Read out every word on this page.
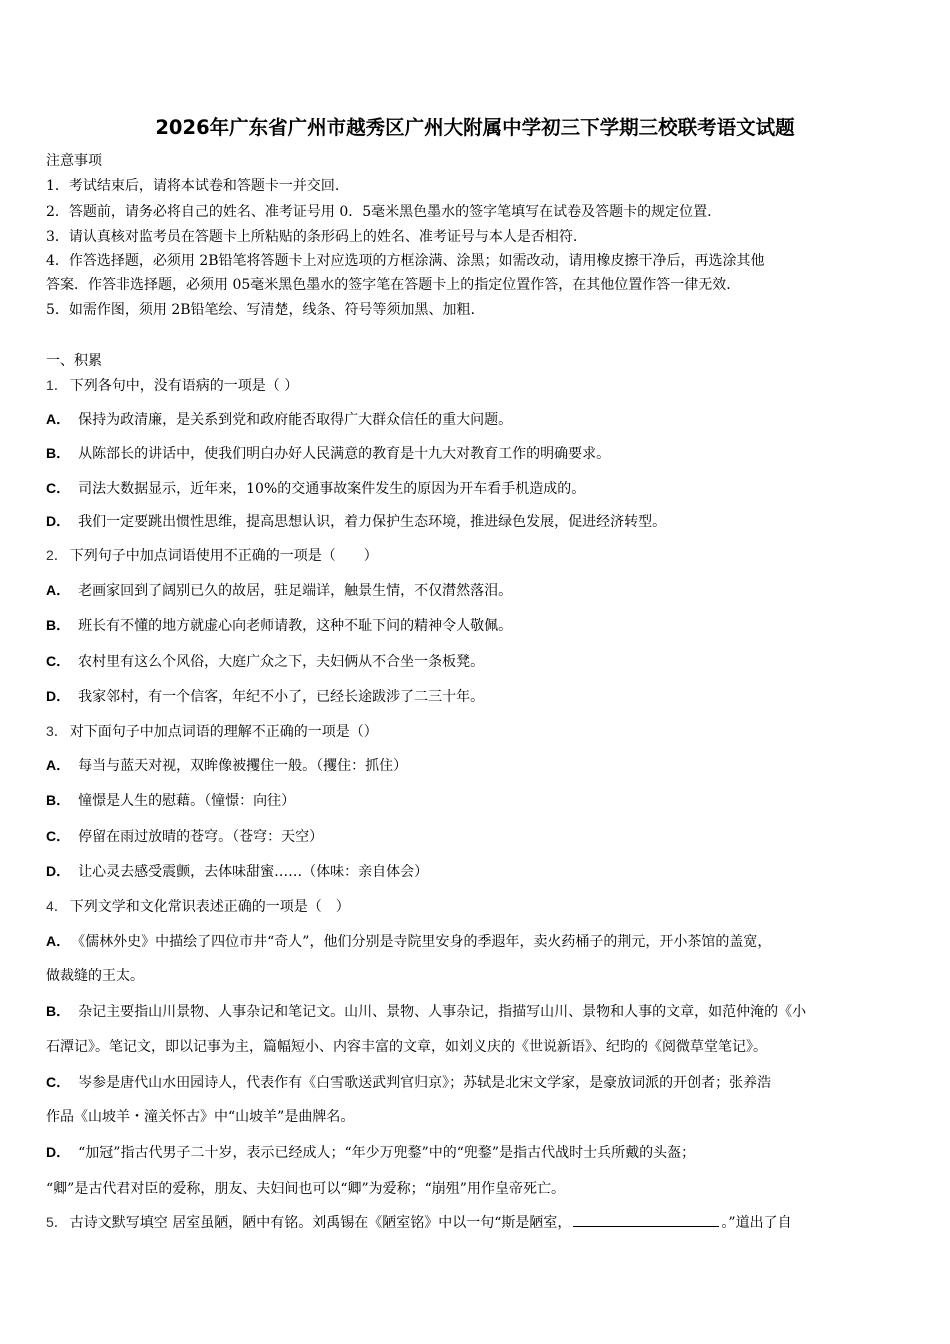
2026年广东省广州市越秀区广州大附属中学初三下学期三校联考语文试题
注意事项
1．考试结束后，请将本试卷和答题卡一并交回.
2．答题前，请务必将自己的姓名、准考证号用 0．5毫米黑色墨水的签字笔填写在试卷及答题卡的规定位置.
3．请认真核对监考员在答题卡上所粘贴的条形码上的姓名、准考证号与本人是否相符.
4．作答选择题，必须用 2B铅笔将答题卡上对应选项的方框涂满、涂黑；如需改动，请用橡皮擦干净后，再选涂其他
答案．作答非选择题，必须用 05毫米黑色墨水的签字笔在答题卡上的指定位置作答，在其他位置作答一律无效.
5．如需作图，须用 2B铅笔绘、写清楚，线条、符号等须加黑、加粗.
一、积累
1． 下列各句中，没有语病的一项是（ ）
A． 保持为政清廉，是关系到党和政府能否取得广大群众信任的重大问题。
B． 从陈部长的讲话中，使我们明白办好人民满意的教育是十九大对教育工作的明确要求。
C． 司法大数据显示，近年来，10%的交通事故案件发生的原因为开车看手机造成的。
D． 我们一定要跳出惯性思维，提高思想认识，着力保护生态环境，推进绿色发展，促进经济转型。
2． 下列句子中加点词语使用不正确的一项是（　　）
A． 老画家回到了阔别已久的故居，驻足端详，触景生情，不仅潸然落泪。
B． 班长有不懂的地方就虚心向老师请教，这种不耻下问的精神令人敬佩。
C． 农村里有这么个风俗，大庭广众之下，夫妇俩从不合坐一条板凳。
D． 我家邻村，有一个信客，年纪不小了，已经长途跋涉了二三十年。
3． 对下面句子中加点词语的理解不正确的一项是（）
A． 每当与蓝天对视，双眸像被攫住一般。（攫住：抓住）
B． 憧憬是人生的慰藉。（憧憬：向往）
C． 停留在雨过放晴的苍穹。（苍穹：天空）
D． 让心灵去感受震颤，去体味甜蜜……（体味：亲自体会）
4． 下列文学和文化常识表述正确的一项是（　）
A． 《儒林外史》中描绘了四位市井“奇人”，他们分别是寺院里安身的季遐年，卖火药桶子的荆元，开小茶馆的盖宽，
做裁缝的王太。
B． 杂记主要指山川景物、人事杂记和笔记文。山川、景物、人事杂记，指描写山川、景物和人事的文章，如范仲淹的《小
石潭记》。笔记文，即以记事为主，篇幅短小、内容丰富的文章，如刘义庆的《世说新语》、纪昀的《阅微草堂笔记》。
C． 岑参是唐代山水田园诗人，代表作有《白雪歌送武判官归京》；苏轼是北宋文学家，是豪放词派的开创者；张养浩
作品《山坡羊・潼关怀古》中“山坡羊”是曲牌名。
D． “加冠”指古代男子二十岁，表示已经成人；“年少万兜鍪”中的“兜鍪”是指古代战时士兵所戴的头盔；
“卿”是古代君对臣的爱称，朋友、夫妇间也可以“卿”为爱称；“崩殂”用作皇帝死亡。
5． 古诗文默写填空 居室虽陋，陋中有铭。刘禹锡在《陋室铭》中以一句“斯是陋室，	。”道出了自
